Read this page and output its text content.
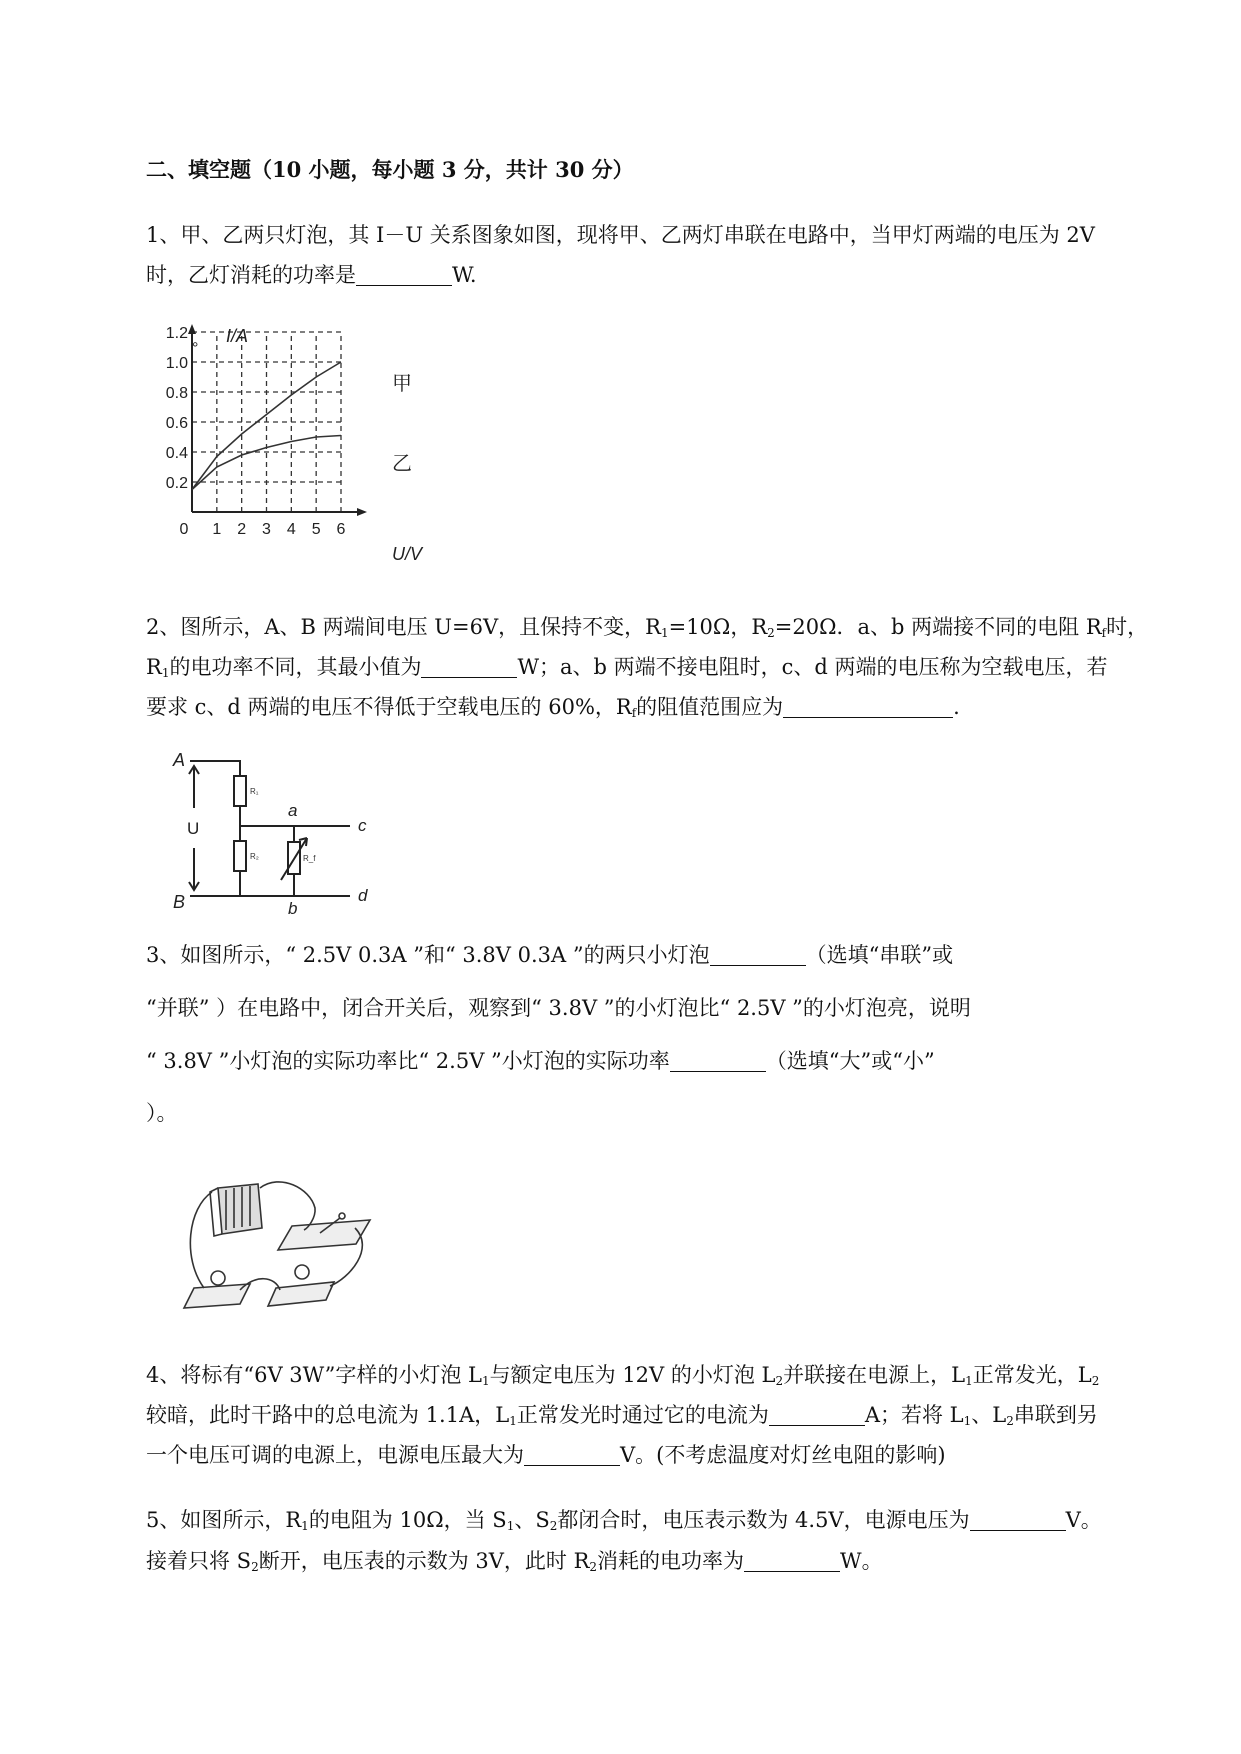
二、填空题（10 小题，每小题 3 分，共计 30 分）
1、甲、乙两只灯泡，其 I－U 关系图象如图，现将甲、乙两灯串联在电路中，当甲灯两端的电压为 2V
时，乙灯消耗的功率是	W.
1.2
1.0
0.8
0.6
0.4
0.2
0 1 2 3 4 5 6
°
I/A
U/V
甲
乙
2、图所示，A、B 两端间电压 U=6V，且保持不变，$R_1=10\Omega$，$R_2=20\Omega$．a、b 两端接不同的电阻 $R_f$时，
$R_1$的电功率不同，其最小值为	W；a、b 两端不接电阻时，c、d 两端的电压称为空载电压，若
要求 c、d 两端的电压不得低于空载电压的 60%，$R_f$的阻值范围应为	.
A
B
U
a
b
c
d
R₁
R₂	R_f
3、如图所示，“ 2.5V 0.3A ”和“ 3.8V 0.3A ”的两只小灯泡	（选填“串联”或
“并联” ）在电路中，闭合开关后，观察到“ 3.8V ”的小灯泡比“ 2.5V ”的小灯泡亮，说明
“ 3.8V ”小灯泡的实际功率比“ 2.5V ”小灯泡的实际功率	（选填“大”或“小”
）。
4、将标有“6V 3W”字样的小灯泡 $L_1$与额定电压为 12V 的小灯泡 $L_2$并联接在电源上，$L_1$正常发光，$L_2$
较暗，此时干路中的总电流为 1.1A，$L_1$正常发光时通过它的电流为	A；若将 $L_1$、$L_2$串联到另
一个电压可调的电源上，电源电压最大为	V。(不考虑温度对灯丝电阻的影响)
5、如图所示，$R_1$的电阻为 10Ω，当 $S_1$、$S_2$都闭合时，电压表示数为 4.5V，电源电压为	V。
接着只将 $S_2$断开，电压表的示数为 3V，此时 $R_2$消耗的电功率为	W。
